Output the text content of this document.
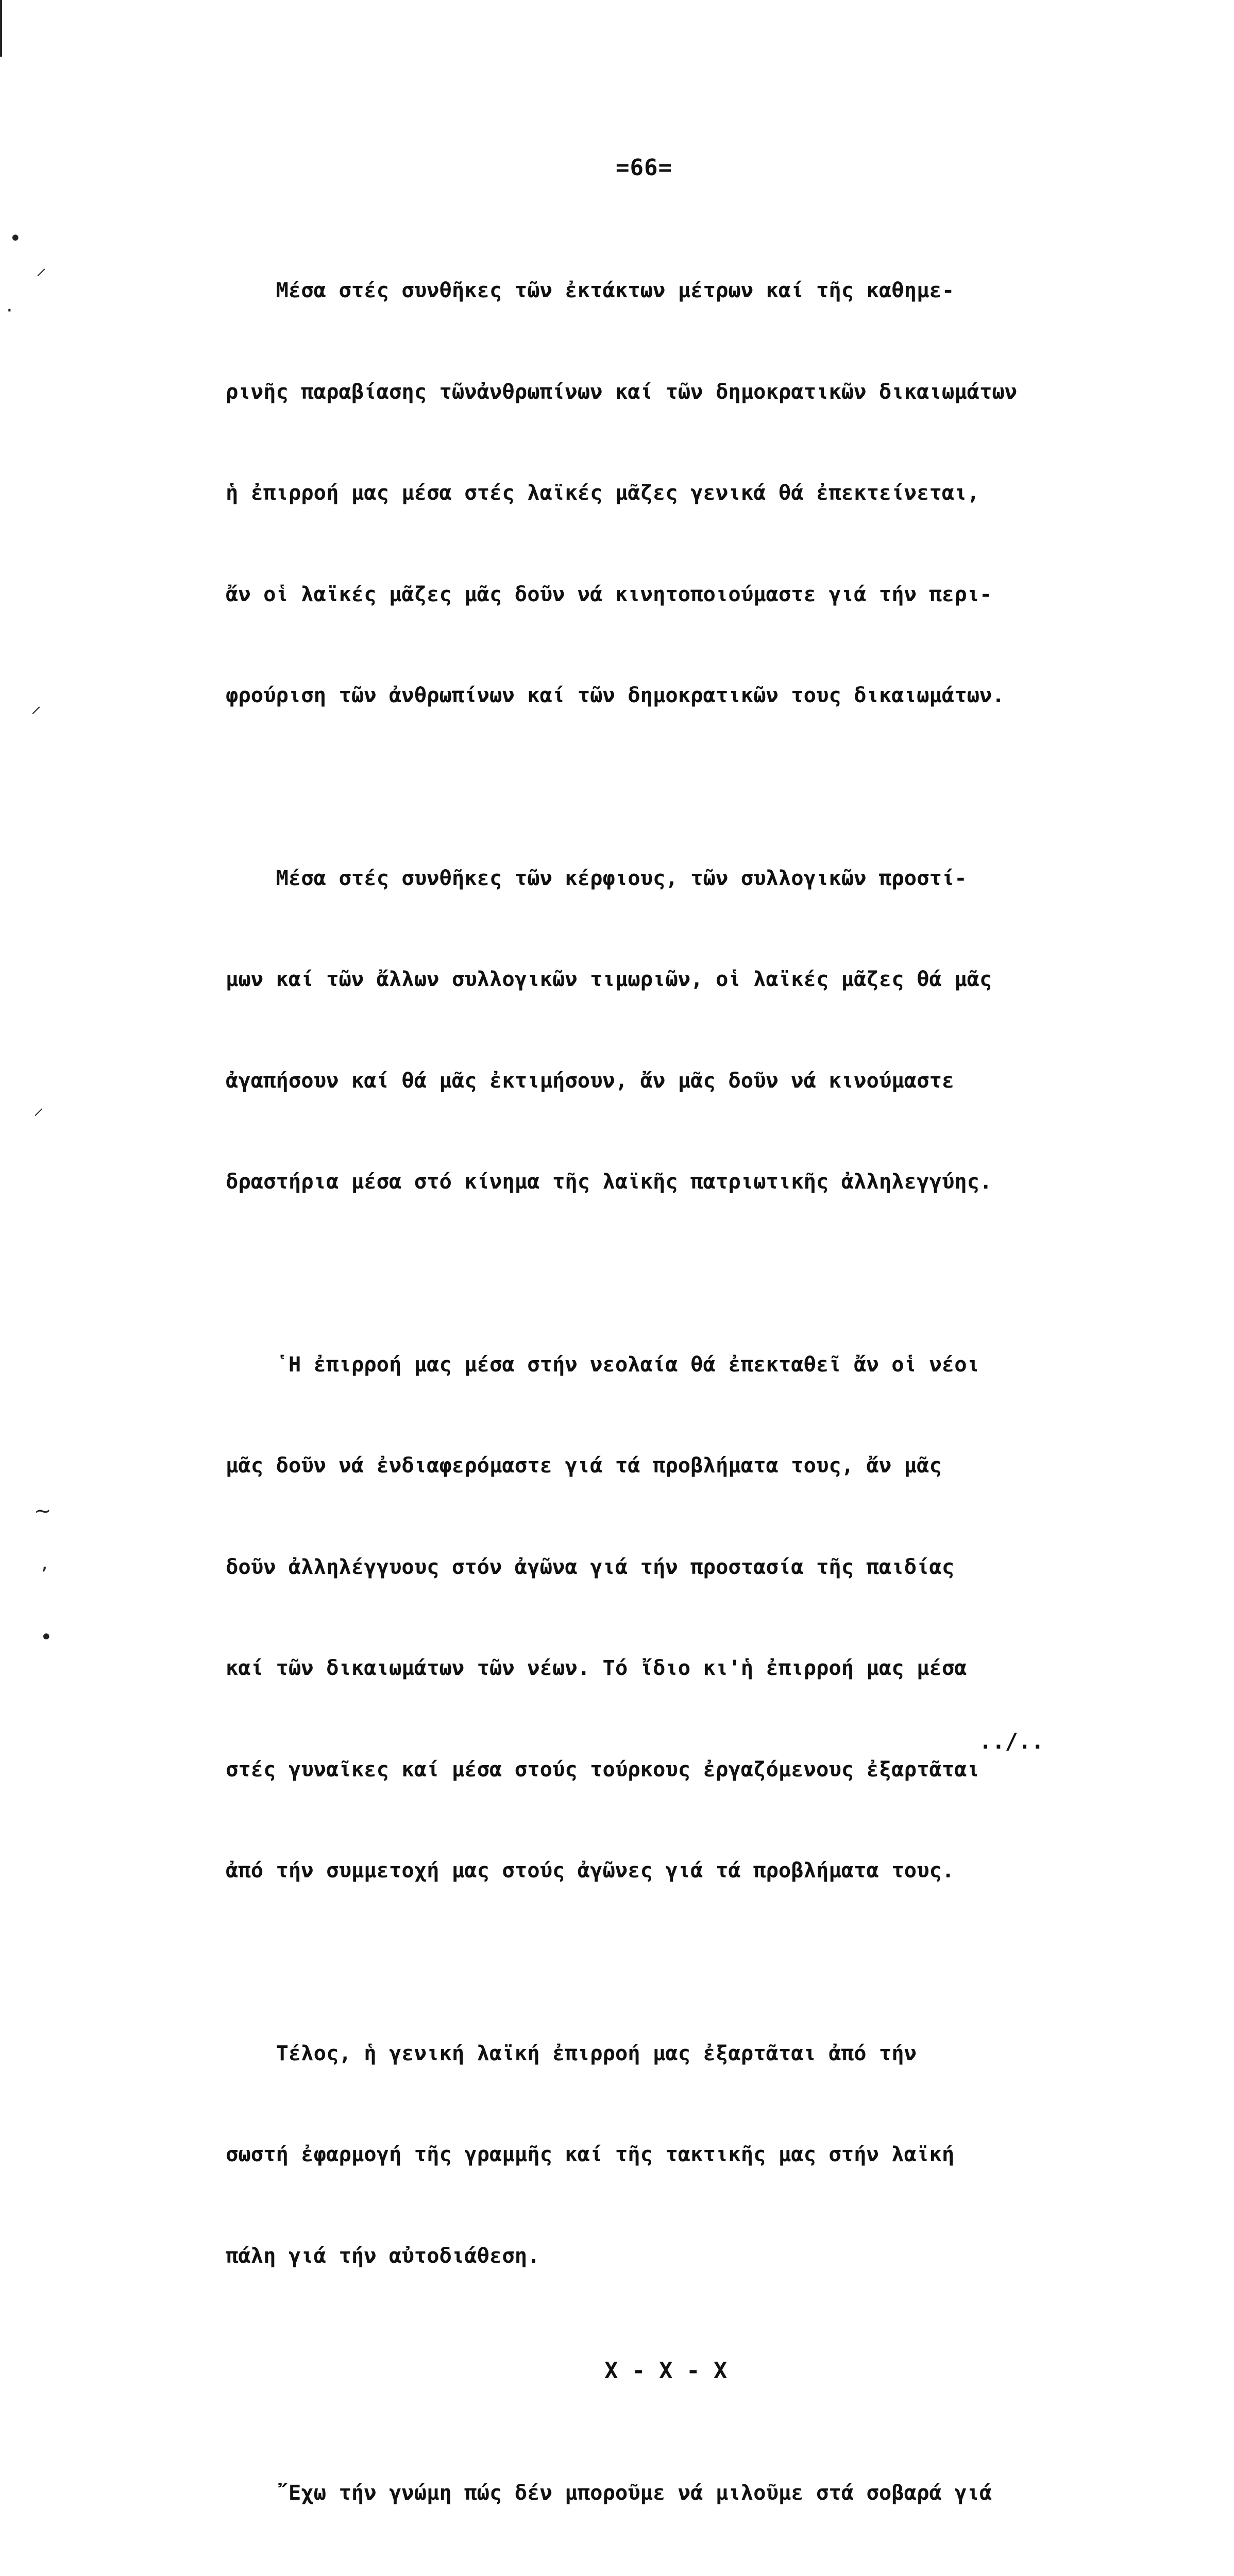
•
⸝
·
⸝
⸝
~
,
•
=66=

Μέσα στές συνθῆκες τῶν ἐκτάκτων μέτρων καί τῆς καθημε-

ρινῆς παραβίασης τῶνἀνθρωπίνων καί τῶν δημοκρατικῶν δικαιωμάτων

ἡ ἐπιρροή μας μέσα στές λαϊκές μᾶζες γενικά θά ἐπεκτείνεται,

ἄν οἱ λαϊκές μᾶζες μᾶς δοῦν νά κινητοποιούμαστε γιά τήν περι-

φρούριση τῶν ἀνθρωπίνων καί τῶν δημοκρατικῶν τους δικαιωμάτων.

Μέσα στές συνθῆκες τῶν κέρφιους, τῶν συλλογικῶν προστί-

μων καί τῶν ἄλλων συλλογικῶν τιμωριῶν, οἱ λαϊκές μᾶζες θά μᾶς

ἀγαπήσουν καί θά μᾶς ἐκτιμήσουν, ἄν μᾶς δοῦν νά κινούμαστε

δραστήρια μέσα στό κίνημα τῆς λαϊκῆς πατριωτικῆς ἀλληλεγγύης.

῾Η ἐπιρροή μας μέσα στήν νεολαία θά ἐπεκταθεῖ ἄν οἱ νέοι

μᾶς δοῦν νά ἐνδιαφερόμαστε γιά τά προβλήματα τους, ἄν μᾶς

δοῦν ἀλληλέγγυους στόν ἀγῶνα γιά τήν προστασία τῆς παιδίας

καί τῶν δικαιωμάτων τῶν νέων. Τό ἴδιο κι'ἡ ἐπιρροή μας μέσα

στές γυναῖκες καί μέσα στούς τούρκους ἐργαζόμενους ἐξαρτᾶται

ἀπό τήν συμμετοχή μας στούς ἀγῶνες γιά τά προβλήματα τους.

Τέλος, ἡ γενική λαϊκή ἐπιρροή μας ἐξαρτᾶται ἀπό τήν

σωστή ἐφαρμογή τῆς γραμμῆς καί τῆς τακτικῆς μας στήν λαϊκή

πάλη γιά τήν αὐτοδιάθεση.

X - X - X

῎Εχω τήν γνώμη πώς δέν μποροῦμε νά μιλοῦμε στά σοβαρά γιά

../..
